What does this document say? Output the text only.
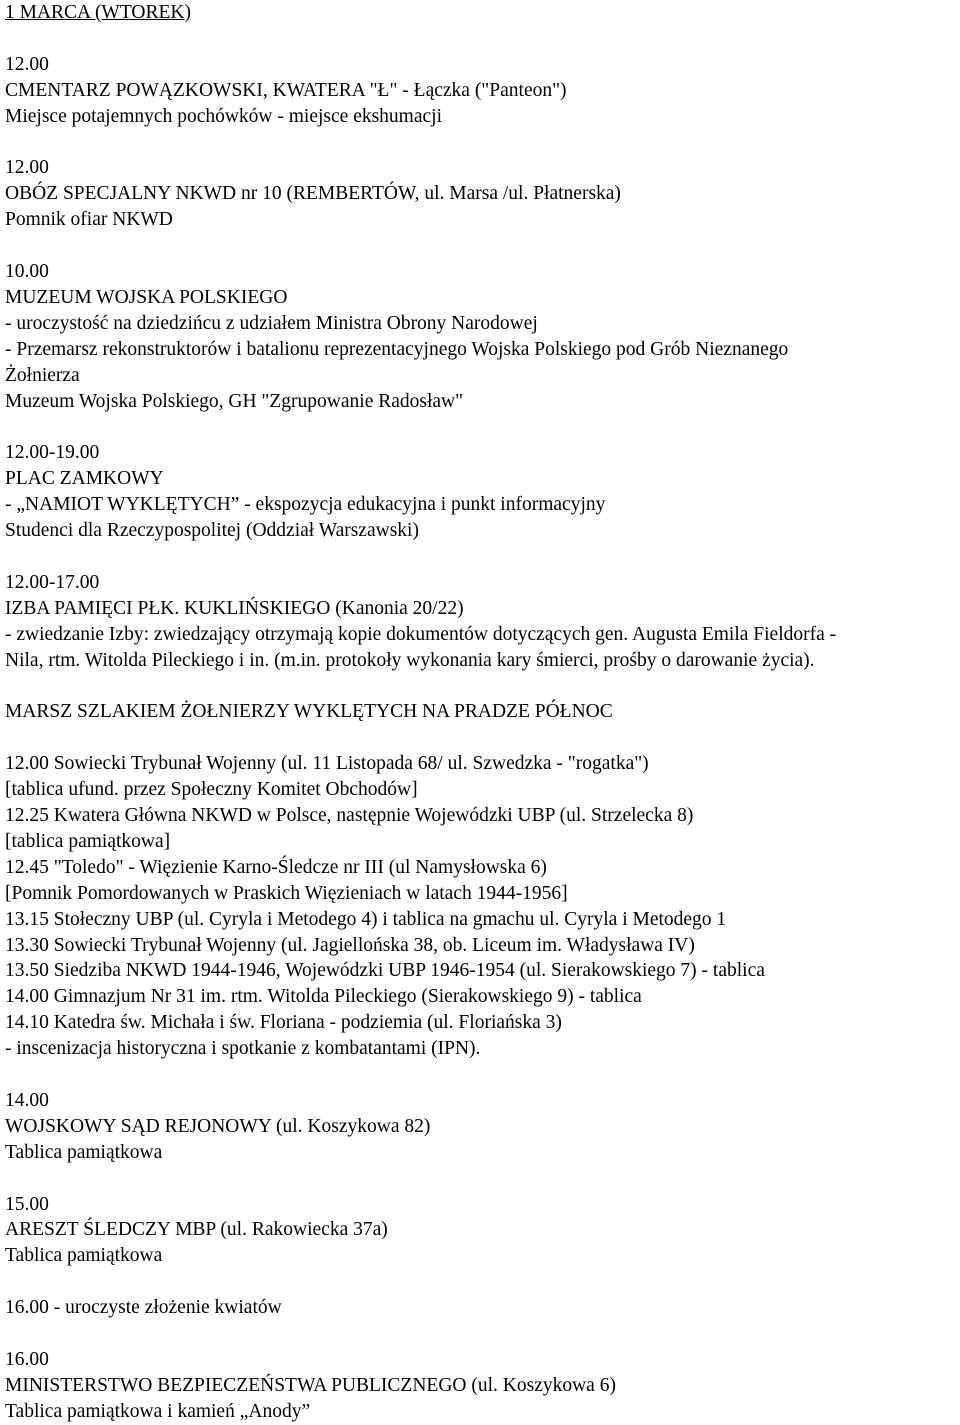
1 MARCA (WTOREK)
12.00
CMENTARZ POWĄZKOWSKI, KWATERA "Ł" - Łączka ("Panteon")
Miejsce potajemnych pochówków - miejsce ekshumacji
12.00
OBÓZ SPECJALNY NKWD nr 10 (REMBERTÓW, ul. Marsa /ul. Płatnerska)
Pomnik ofiar NKWD
10.00
MUZEUM WOJSKA POLSKIEGO
- uroczystość na dziedzińcu z udziałem Ministra Obrony Narodowej
- Przemarsz rekonstruktorów i batalionu reprezentacyjnego Wojska Polskiego pod Grób Nieznanego
Żołnierza
Muzeum Wojska Polskiego, GH "Zgrupowanie Radosław"
12.00-19.00
PLAC ZAMKOWY
- „NAMIOT WYKLĘTYCH” - ekspozycja edukacyjna i punkt informacyjny
Studenci dla Rzeczypospolitej (Oddział Warszawski)
12.00-17.00
IZBA PAMIĘCI PŁK. KUKLIŃSKIEGO (Kanonia 20/22)
- zwiedzanie Izby: zwiedzający otrzymają kopie dokumentów dotyczących gen. Augusta Emila Fieldorfa -
Nila, rtm. Witolda Pileckiego i in. (m.in. protokoły wykonania kary śmierci, prośby o darowanie życia).
MARSZ SZLAKIEM ŻOŁNIERZY WYKLĘTYCH NA PRADZE PÓŁNOC
12.00 Sowiecki Trybunał Wojenny (ul. 11 Listopada 68/ ul. Szwedzka - "rogatka")
[tablica ufund. przez Społeczny Komitet Obchodów]
12.25 Kwatera Główna NKWD w Polsce, następnie Wojewódzki UBP (ul. Strzelecka 8)
[tablica pamiątkowa]
12.45 "Toledo" - Więzienie Karno-Śledcze nr III (ul Namysłowska 6)
[Pomnik Pomordowanych w Praskich Więzieniach w latach 1944-1956]
13.15 Stołeczny UBP (ul. Cyryla i Metodego 4) i tablica na gmachu ul. Cyryla i Metodego 1
13.30 Sowiecki Trybunał Wojenny (ul. Jagiellońska 38, ob. Liceum im. Władysława IV)
13.50 Siedziba NKWD 1944-1946, Wojewódzki UBP 1946-1954 (ul. Sierakowskiego 7) - tablica
14.00 Gimnazjum Nr 31 im. rtm. Witolda Pileckiego (Sierakowskiego 9) - tablica
14.10 Katedra św. Michała i św. Floriana - podziemia (ul. Floriańska 3)
- inscenizacja historyczna i spotkanie z kombatantami (IPN).
14.00
WOJSKOWY SĄD REJONOWY (ul. Koszykowa 82)
Tablica pamiątkowa
15.00
ARESZT ŚLEDCZY MBP (ul. Rakowiecka 37a)
Tablica pamiątkowa
16.00 - uroczyste złożenie kwiatów
16.00
MINISTERSTWO BEZPIECZEŃSTWA PUBLICZNEGO (ul. Koszykowa 6)
Tablica pamiątkowa i kamień „Anody”
